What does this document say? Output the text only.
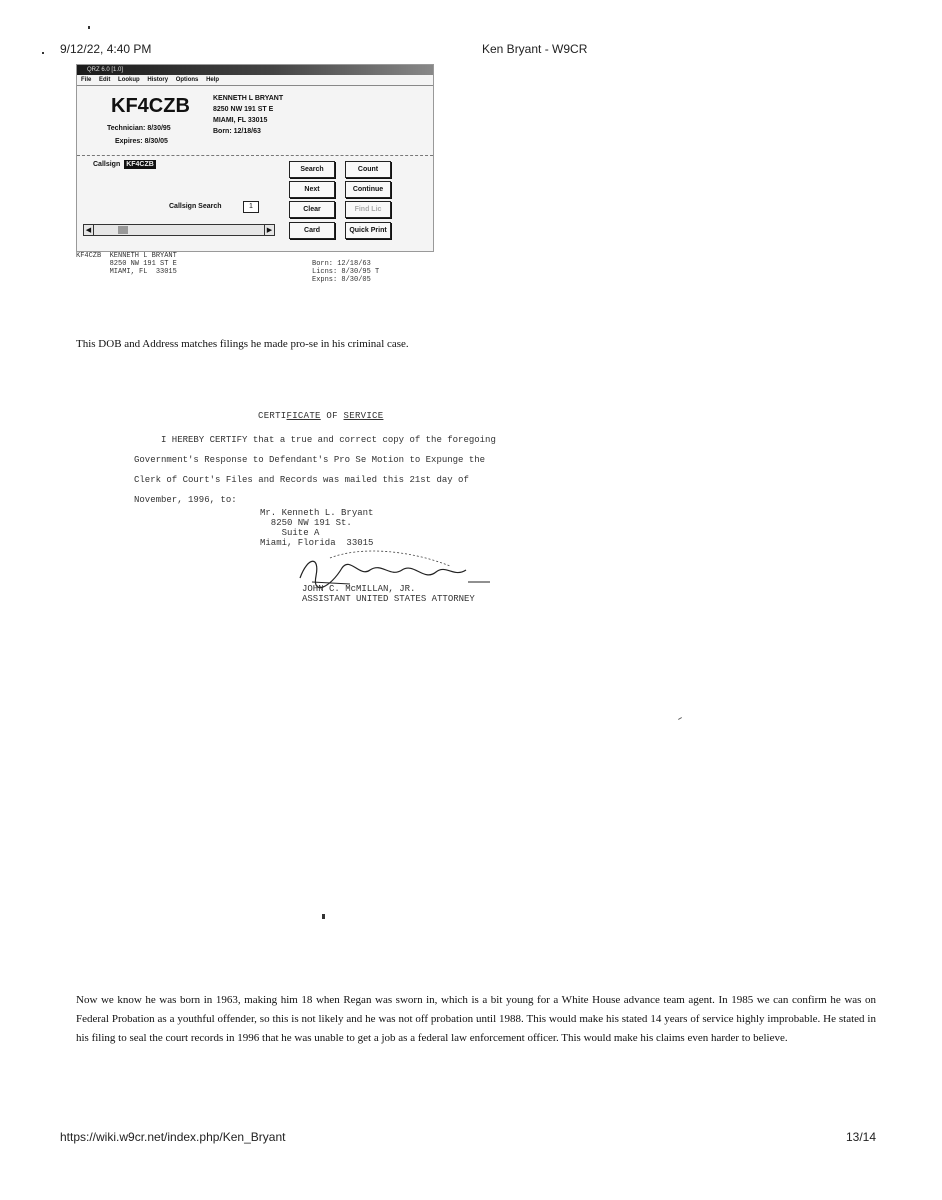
9/12/22, 4:40 PM	Ken Bryant - W9CR
QRZ 6.0 [1.0]
File Edit Lookup History Options Help
KF4CZB
Technician: 8/30/95
Expires: 8/30/05
KENNETH L BRYANT
8250 NW 191 ST E
MIAMI, FL 33015
Born: 12/18/63
Callsign KF4CZB
Callsign Search	1
Search	Count
Next	Continue
Clear	Find Lic
Card	Quick Print
◀	▶
KF4CZB  KENNETH L BRYANT
8250 NW 191 ST E
MIAMI, FL  33015
Born: 12/18/63
Licns: 8/30/95 T
Expns: 8/30/05
This DOB and Address matches filings he made pro-se in his criminal case.
CERTIFICATE OF SERVICE
I HEREBY CERTIFY that a true and correct copy of the foregoing
Government's Response to Defendant's Pro Se Motion to Expunge the
Clerk of Court's Files and Records was mailed this 21st day of
November, 1996, to:
Mr. Kenneth L. Bryant
8250 NW 191 St.
Suite A
Miami, Florida  33015
JOHN C. McMILLAN, JR.
ASSISTANT UNITED STATES ATTORNEY
Now we know he was born in 1963, making him 18 when Regan was sworn in, which is a bit young for a White House advance team agent. In 1985 we can confirm he was on Federal Probation as a youthful offender, so this is not likely and he was not off probation until 1988. This would make his stated 14 years of service highly improbable. He stated in his filing to seal the court records in 1996 that he was unable to get a job as a federal law enforcement officer. This would make his claims even harder to believe.
https://wiki.w9cr.net/index.php/Ken_Bryant	13/14
